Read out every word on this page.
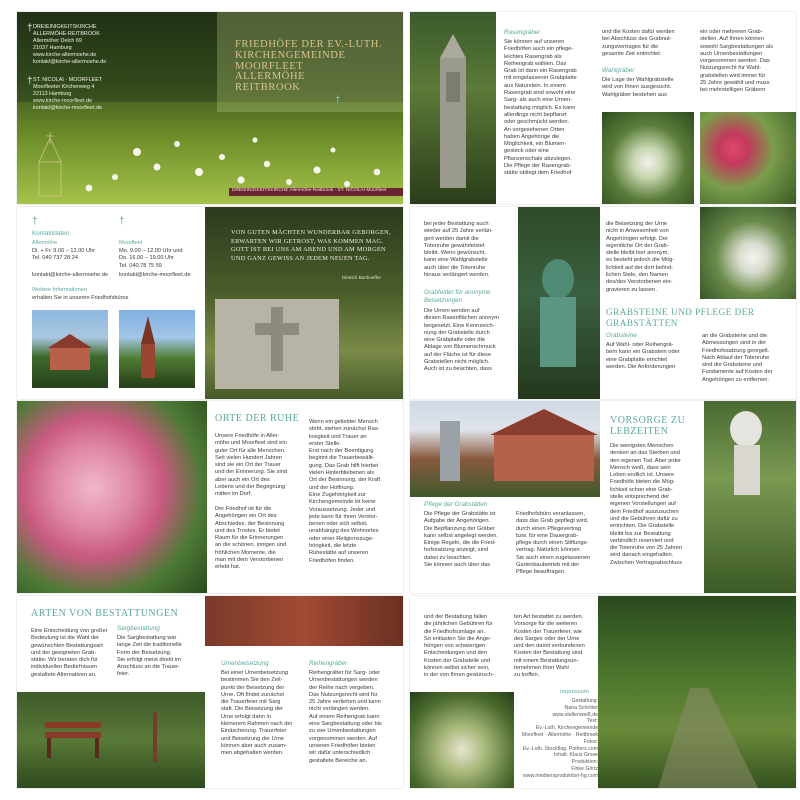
† DREIEINIGKEITSKIRCHE
ALLERMÖHE-REITBROOK
Allermöher Deich 69
21037 Hamburg
www.kirche-allermoehe.de
kontakt@kirche-allermoehe.de
† ST. NICOLAI · MOORFLEET
Moorfleeter Kirchenweg 4
22113 Hamburg
www.kirche-moorfleet.de
kontakt@kirche-moorfleet.de
FRIEDHÖFE DER EV.-LUTH.
KIRCHENGEMEINDE
MOORFLEET
ALLERMÖHE
REITBROOK
†
DREIEINIGKEITSKIRCHE Allermöhe-Reitbrook · ST. NICOLAI Moorfleet
Rasengräber
Sie können auf unseren
Friedhöfen auch ein pflege-
leichtes Rasengrab als
Reihengrab wählen. Das
Grab ist dann ein Rasengrab
mit eingelassener Grabplatte
aus Naturstein. In einem
Rasengrab sind sowohl eine
Sarg- als auch eine Urnen-
bestattung möglich. Es kann
allerdings nicht bepflanzt
oder geschmückt werden.
An vorgesehenen Orten
haben Angehörige die
Möglichkeit, ein Blumen-
gesteck oder eine
Pflanzenschale abzulegen.
Die Pflege der Rasengrab-
stätte obliegt dem Friedhof
und die Kosten dafür werden
bei Abschluss des Grabnut-
zungsvertrages für die
gesamte Zeit entrichtet.
Wahlgräber
Die Lage der Wahlgrabstelle
wird von Ihnen ausgesucht.
Wahlgräber bestehen aus
ein oder mehreren Grab-
stellen. Auf Ihnen können
sowohl Sargbestattungen als
auch Urnenbestattungen
vorgenommen werden. Das
Nutzungsrecht für Wahl-
grabstellen wird immer für
25 Jahre gewählt und muss
bei mehrstelligen Gräbern
†
Kontaktdaten
Allermöhe
Di. + Fr. 9.00 – 12.00 Uhr
Tel. 040 737 28 24
†
Moorfleet
Mo. 9.00 – 12.00 Uhr und
Do. 16.00 – 19.00 Uhr
Tel. 040.78 75 59
kontakt@kirche-allermoehe.de kontakt@kirche-moorfleet.de
Weitere Informationen
erhalten Sie in unseren Friedhofsbüros
VON GUTEN MÄCHTEN WUNDERBAR GEBORGEN,
ERWARTEN WIR GETROST, WAS KOMMEN MAG.
GOTT IST BEI UNS AM ABEND UND AM MORGEN
UND GANZ GEWISS AN JEDEM NEUEN TAG.
Dietrich Bonhoeffer
bei jeder Bestattung auch
wieder auf 25 Jahre verlän-
gert werden damit die
Totenruhe gewährleistet
bleibt. Wenn gewünscht,
kann eine Wahlgrabstelle
auch über die Totenruhe
hinaus verlängert werden.
Grabfelder für anonyme
Beisetzungen
Die Urnen werden auf
diesen Rasenflächen anonym
beigesetzt. Eine Kennzeich-
nung der Grabstelle durch
eine Grabplatte oder die
Ablage von Blumenschmuck
auf der Fläche ist für diese
Grabstellen nicht möglich.
Auch ist zu beachten, dass
die Beisetzung der Urne
nicht in Anwesenheit von
Angehörigen erfolgt. Der
eigentliche Ort der Grab-
stelle bleibt hier anonym,
es besteht jedoch die Mög-
lichkeit auf der dort befind-
lichen Stele, den Namen
des/des Verstorbenen ein-
gravieren zu lassen.
GRABSTEINE UND PFLEGE DER
GRABSTÄTTEN
Grabsteine
Auf Wahl- oder Reihengrä-
bern kann ein Grabstein oder
eine Grabplatte errichtet
werden. Die Anforderungen
an die Grabsteine und die
Abmessungen sind in der
Friedhofssatzung geregelt.
Nach Ablauf der Totenruhe
sind die Grabsteine und
Fundamente auf Kosten der
Angehörigen zu entfernen.
ORTE DER RUHE
Unsere Friedhöfe in Aller-
möhe und Moorfleet sind ein
guter Ort für alle Menschen.
Seit vielen Hundert Jahren
sind sie ein Ort der Trauer
und der Erinnerung. Sie sind
aber auch ein Ort des
Lebens und der Begegnung
mitten im Dorf.

Der Friedhof ist für die
Angehörigen ein Ort des
Abschiedes, der Besinnung
und des Trostes. Er bietet
Raum für die Erinnerungen
an die schönen, innigen und
fröhlichen Momente, die
man mit dem Verstorbenen
erlebt hat.
Wenn ein geliebter Mensch
stirbt, stehen zunächst Ras-
losigkeit und Trauer an
erster Stelle.
Erst nach der Beerdigung
beginnt die Trauerbewälti-
gung. Das Grab hilft hierbei
vielen Hinterbliebenen als
Ort der Besinnung, der Kraft
und der Hoffnung.
Eine Zugehörigkeit zur
Kirchengemeinde ist keine
Voraussetzung. Jeder und
jede kann für ihren Verstor-
benen oder sich selbst,
unabhängig des Wohnortes
oder einer Religionszuge-
hörigkeit, die letzte
Ruhestätte auf unseren
Friedhöfen finden.
Pflege der Grabstätten
Die Pflege der Grabstätte ist
Aufgabe der Angehörigen.
Die Bepflanzung der Gräber
kann selbst angelegt werden.
Einige Regeln, die die Fried-
hofssatzung anzeigt, sind
dabei zu beachten.
Sie können auch über das
Friedhofsbüro veranlassen,
dass das Grab gepflegt wird,
durch einen Pflegevertrag
bzw. für eine Dauergrab-
pflege durch einen Stiftungs-
vertrag. Natürlich können
Sie auch einen zugelassenen
Gartenbaubetrieb mit der
Pflege beauftragen.
VORSORGE ZU
LEBZEITEN
Die wenigsten Menschen
denken an das Sterben und
den eigenen Tod. Aber jeder
Mensch weiß, dass sein
Leben endlich ist. Unsere
Friedhöfe bieten die Mög-
lichkeit schon eine Grab-
stelle entsprechend der
eigenen Vorstellungen auf
dem Friedhof auszusuchen
und die Gebühren dafür zu
entrichten. Die Grabstelle
bleibt bis zur Bestattung
verbindlich reserviert und
die Totenruhe von 25 Jahren
wird danach eingehalten.
Zwischen Vertragsabschluss
ARTEN VON BESTATTUNGEN
Eine Entscheidung von großer
Bedeutung ist die Wahl der
gewünschten Bestattungsart
und der geeigneten Grab-
stätte: Wir beraten dich für
individuellen Bedürfnissen
gestaltete Alternativen an.
Sargbestattung
Die Sargbestattung war
lange Zeit die traditionelle
Form der Beisetzung.
Sie erfolgt meist direkt im
Anschluss an die Trauer-
feier.
Urnenbeisetzung
Bei einer Urnenbeisetzung
bestimmen Sie den Zeit-
punkt der Beisetzung der
Urne. Oft findet zunächst
die Trauerfeier mit Sarg
statt. Die Beisetzung der
Urne erfolgt dann in
kleinerem Rahmen nach der
Einäscherung. Trauerfeier
und Beisetzung der Urne
können aber auch zusam-
men abgehalten werden.
Reihengräber
Reihengräber für Sarg- oder
Urnenbestattungen werden
der Reihe nach vergeben.
Das Nutzungsrecht wird für
25 Jahre verliehen und kann
nicht verlängert werden.
Auf einem Reihengrab kann
eine Sargbestattung oder bis
zu vier Urnenbestattungen
vorgenommen werden. Auf
unseren Friedhöfen bieten
wir dafür unterschiedlich
gestaltete Bereiche an.
und der Bestattung fallen
die jährlichen Gebühren für
die Friedhofsumlage an.
So entlasten Sie die Ange-
hörigen von schwierigen
Entscheidungen und den
Kosten der Grabstelle und
können selbst sicher sein,
in der von Ihnen gewünsch-
ten Art bestattet zu werden.
Vorsorge für die weiteren
Kosten der Trauerfeier, wie
des Sarges oder der Urne
und den damit verbundenen
Kosten der Bestattung sind
mit einem Bestattungsun-
ternehmen Ihrer Wahl
zu treffen.
Impressum
Gestaltung:
Nana Schröter
www.stellenweiß.de
Text:
Ev.-Luth. Kirchengemeinde
Moorfleet · Allermöhe · Reitbrook
Fotos:
Ev.-Luth. Stockflag. Pothers.com
Inhalt: Klaus Grose
Produktion:
Finke Görtz
www.mediensproduktion-hg.com
